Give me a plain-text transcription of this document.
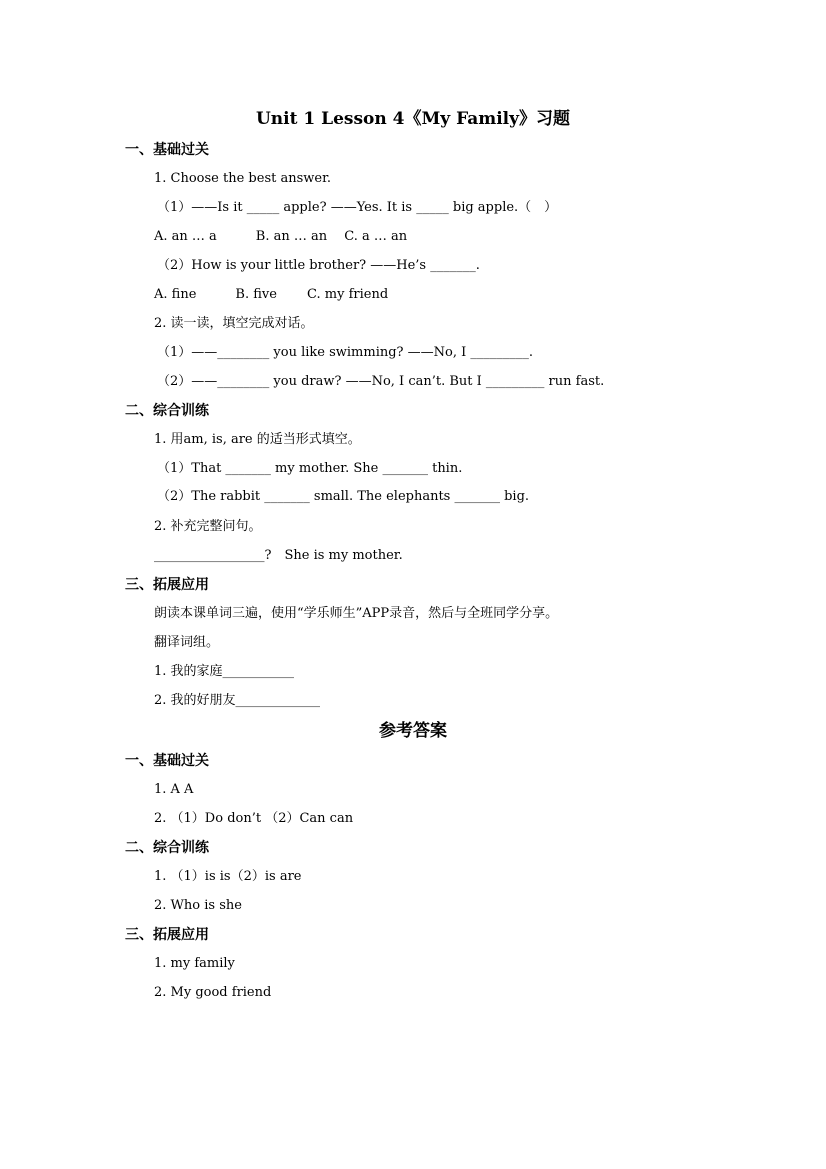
Unit 1 Lesson 4《My Family》习题
一、基础过关
1. Choose the best answer.
（1）——Is it _____ apple? ——Yes. It is _____ big apple.（　）
A. an … a　　　B. an … an　 C. a … an
（2）How is your little brother? ——He’s _______.
A. fine　　　B. five　　 C. my friend
2. 读一读，填空完成对话。
（1）——________ you like swimming? ——No, I _________.
（2）——________ you draw? ——No, I can’t. But I _________ run fast.
二、综合训练
1. 用am, is, are 的适当形式填空。
（1）That _______ my mother. She _______ thin.
（2）The rabbit _______ small. The elephants _______ big.
2. 补充完整问句。
_________________?　She is my mother.
三、拓展应用
朗读本课单词三遍，使用“学乐师生”APP录音，然后与全班同学分享。
翻译词组。
1. 我的家庭___________
2. 我的好朋友_____________
参考答案
一、基础过关
1. A A
2. （1）Do don’t （2）Can can
二、综合训练
1. （1）is is（2）is are
2. Who is she
三、拓展应用
1. my family
2. My good friend
